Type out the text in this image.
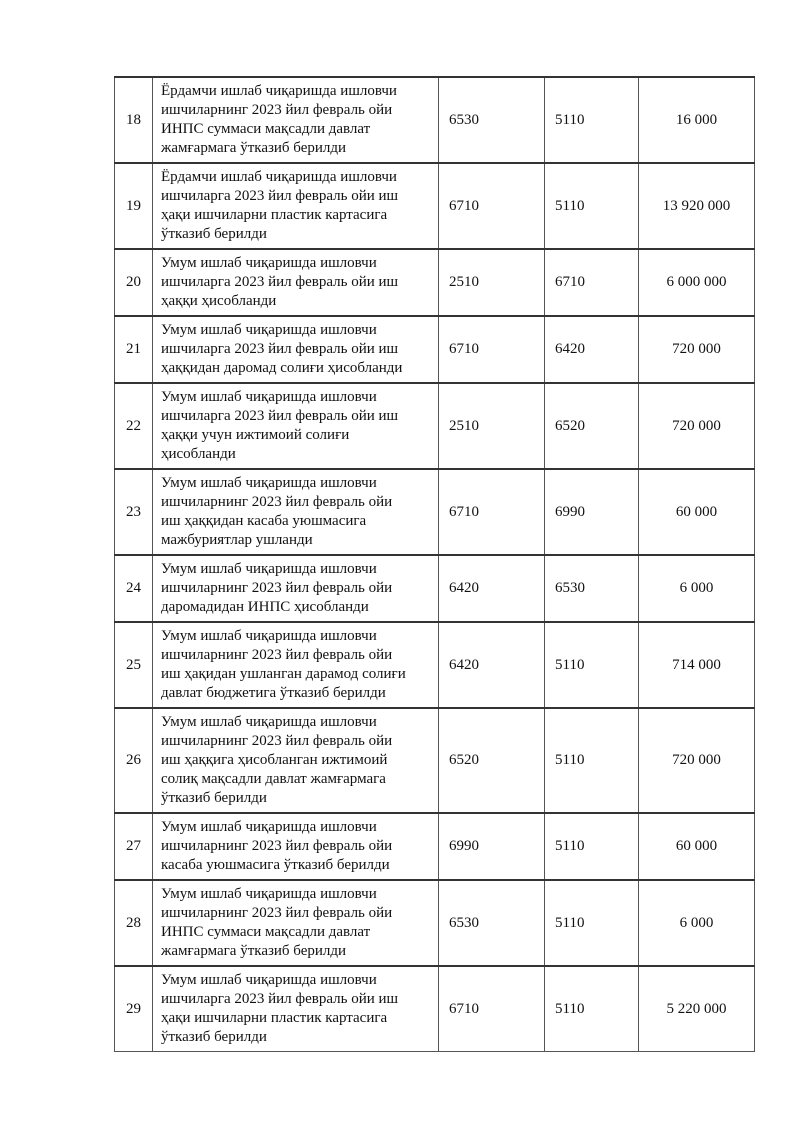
18	Ёрдамчи ишлаб чиқаришда ишловчи
ишчиларнинг 2023 йил февраль ойи
ИНПС суммаси мақсадли давлат
жамғармага ўтказиб берилди	6530	5110	16 000
19	Ёрдамчи ишлаб чиқаришда ишловчи
ишчиларга 2023 йил февраль ойи иш
ҳақи ишчиларни пластик картасига
ўтказиб берилди	6710	5110	13 920 000
20	Умум ишлаб чиқаришда ишловчи
ишчиларга 2023 йил февраль ойи иш
ҳаққи ҳисобланди	2510	6710	6 000 000
21	Умум ишлаб чиқаришда ишловчи
ишчиларга 2023 йил февраль ойи иш
ҳаққидан даромад солиғи ҳисобланди	6710	6420	720 000
22	Умум ишлаб чиқаришда ишловчи
ишчиларга 2023 йил февраль ойи иш
ҳаққи учун ижтимоий солиғи
ҳисобланди	2510	6520	720 000
23	Умум ишлаб чиқаришда ишловчи
ишчиларнинг 2023 йил февраль ойи
иш ҳаққидан касаба уюшмасига
мажбуриятлар ушланди	6710	6990	60 000
24	Умум ишлаб чиқаришда ишловчи
ишчиларнинг 2023 йил февраль ойи
даромадидан ИНПС ҳисобланди	6420	6530	6 000
25	Умум ишлаб чиқаришда ишловчи
ишчиларнинг 2023 йил февраль ойи
иш ҳақидан ушланган дарамод солиғи
давлат бюджетига ўтказиб берилди	6420	5110	714 000
26	Умум ишлаб чиқаришда ишловчи
ишчиларнинг 2023 йил февраль ойи
иш ҳаққига ҳисобланган ижтимоий
солиқ мақсадли давлат жамғармага
ўтказиб берилди	6520	5110	720 000
27	Умум ишлаб чиқаришда ишловчи
ишчиларнинг 2023 йил февраль ойи
касаба уюшмасига ўтказиб берилди	6990	5110	60 000
28	Умум ишлаб чиқаришда ишловчи
ишчиларнинг 2023 йил февраль ойи
ИНПС суммаси мақсадли давлат
жамғармага ўтказиб берилди	6530	5110	6 000
29	Умум ишлаб чиқаришда ишловчи
ишчиларга 2023 йил февраль ойи иш
ҳақи ишчиларни пластик картасига
ўтказиб берилди	6710	5110	5 220 000
